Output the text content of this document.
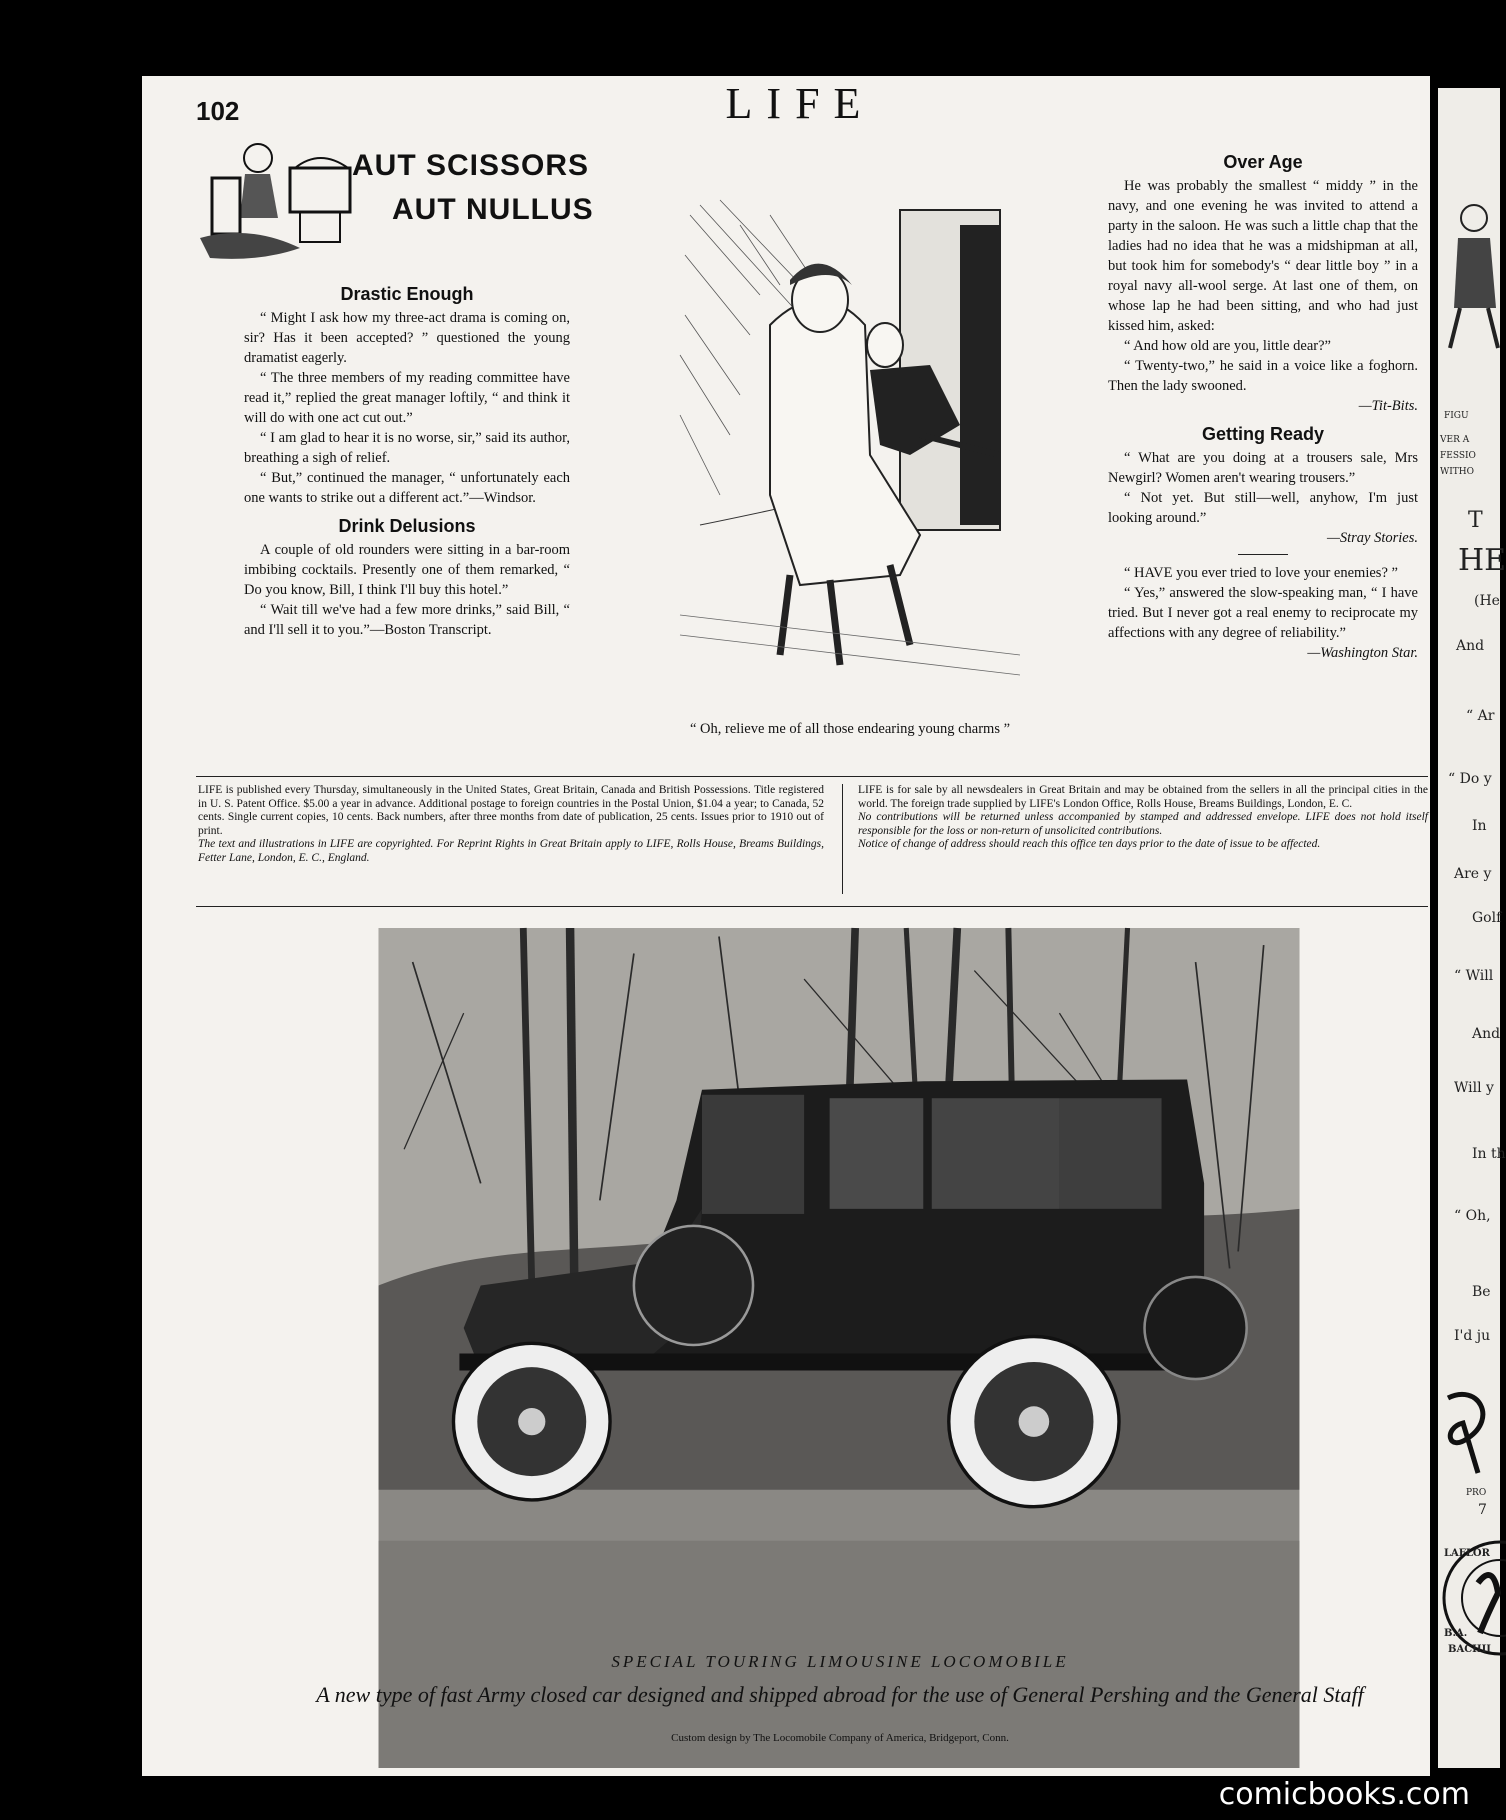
FIGU
VER A
FESSIO
WITHO
T
HE
(He
And
“ Ar
“ Do y
In
Are y
Golf
“ Will
And
Will y
In th
“ Oh,
Be
I'd ju
PRO
7
LAFLOR
B.A.
BACHII
102	LIFE
AUT SCISSORS
AUT NULLUS
Drastic Enough

“ Might I ask how my three-act drama is coming on, sir? Has it been accepted? ” questioned the young dramatist eagerly.

“ The three members of my reading committee have read it,” replied the great manager loftily, “ and think it will do with one act cut out.”

“ I am glad to hear it is no worse, sir,” said its author, breathing a sigh of relief.

“ But,” continued the manager, “ unfortunately each one wants to strike out a different act.”—Windsor.

Drink Delusions

A couple of old rounders were sitting in a bar-room imbibing cocktails. Presently one of them remarked, “ Do you know, Bill, I think I'll buy this hotel.”

“ Wait till we've had a few more drinks,” said Bill, “ and I'll sell it to you.”—Boston Transcript.

“ Oh, relieve me of all those endearing young charms ”
Over Age

He was probably the smallest “ middy ” in the navy, and one evening he was invited to attend a party in the saloon. He was such a little chap that the ladies had no idea that he was a midshipman at all, but took him for somebody's “ dear little boy ” in a royal navy all-wool serge. At last one of them, on whose lap he had been sitting, and who had just kissed him, asked:

“ And how old are you, little dear?”

“ Twenty-two,” he said in a voice like a foghorn. Then the lady swooned.

—Tit-Bits.

Getting Ready

“ What are you doing at a trousers sale, Mrs Newgirl? Women aren't wearing trousers.”

“ Not yet. But still—well, anyhow, I'm just looking around.”

—Stray Stories.

“ HAVE you ever tried to love your enemies? ”

“ Yes,” answered the slow-speaking man, “ I have tried. But I never got a real enemy to reciprocate my affections with any degree of reliability.”

—Washington Star.

LIFE is published every Thursday, simultaneously in the United States, Great Britain, Canada and British Possessions. Title registered in U. S. Patent Office. $5.00 a year in advance. Additional postage to foreign countries in the Postal Union, $1.04 a year; to Canada, 52 cents. Single current copies, 10 cents. Back numbers, after three months from date of publication, 25 cents. Issues prior to 1910 out of print.
The text and illustrations in LIFE are copyrighted. For Reprint Rights in Great Britain apply to LIFE, Rolls House, Breams Buildings, Fetter Lane, London, E. C., England.
LIFE is for sale by all newsdealers in Great Britain and may be obtained from the sellers in all the principal cities in the world. The foreign trade supplied by LIFE's London Office, Rolls House, Breams Buildings, London, E. C.
No contributions will be returned unless accompanied by stamped and addressed envelope. LIFE does not hold itself responsible for the loss or non-return of unsolicited contributions.
Notice of change of address should reach this office ten days prior to the date of issue to be affected.
SPECIAL TOURING LIMOUSINE LOCOMOBILE
A new type of fast Army closed car designed and shipped abroad for the use of General Pershing and the General Staff
Custom design by The Locomobile Company of America, Bridgeport, Conn.
comicbooks.com
